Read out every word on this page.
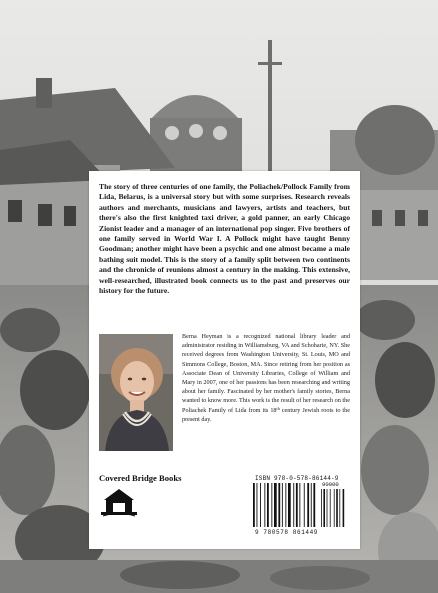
The story of three centuries of one family, the Poliachek/Pollock Family from Lida, Belarus, is a universal story but with some surprises. Research reveals authors and merchants, musicians and lawyers, artists and teachers, but there's also the first knighted taxi driver, a gold panner, an early Chicago Zionist leader and a manager of an international pop singer. Five brothers of one family served in World War I. A Pollock might have taught Benny Goodman; another might have been a psychic and one almost became a male bathing suit model. This is the story of a family split between two continents and the chronicle of reunions almost a century in the making. This extensive, well-researched, illustrated book connects us to the past and preserves our history for the future.

Berna Heyman is a recognized national library leader and administrator residing in Williamsburg, VA and Schoharie, NY. She received degrees from Washington University, St. Louis, MO and Simmons College, Boston, MA. Since retiring from her position as Associate Dean of University Libraries, College of William and Mary in 2007, one of her passions has been researching and writing about her family. Fascinated by her mother's family stories, Berna wanted to know more. This work is the result of her research on the Poliachek Family of Lida from its 18th century Jewish roots to the present day.

Covered Bridge Books	ISBN 978-0-578-86144-9

90000

9 780578 861449
